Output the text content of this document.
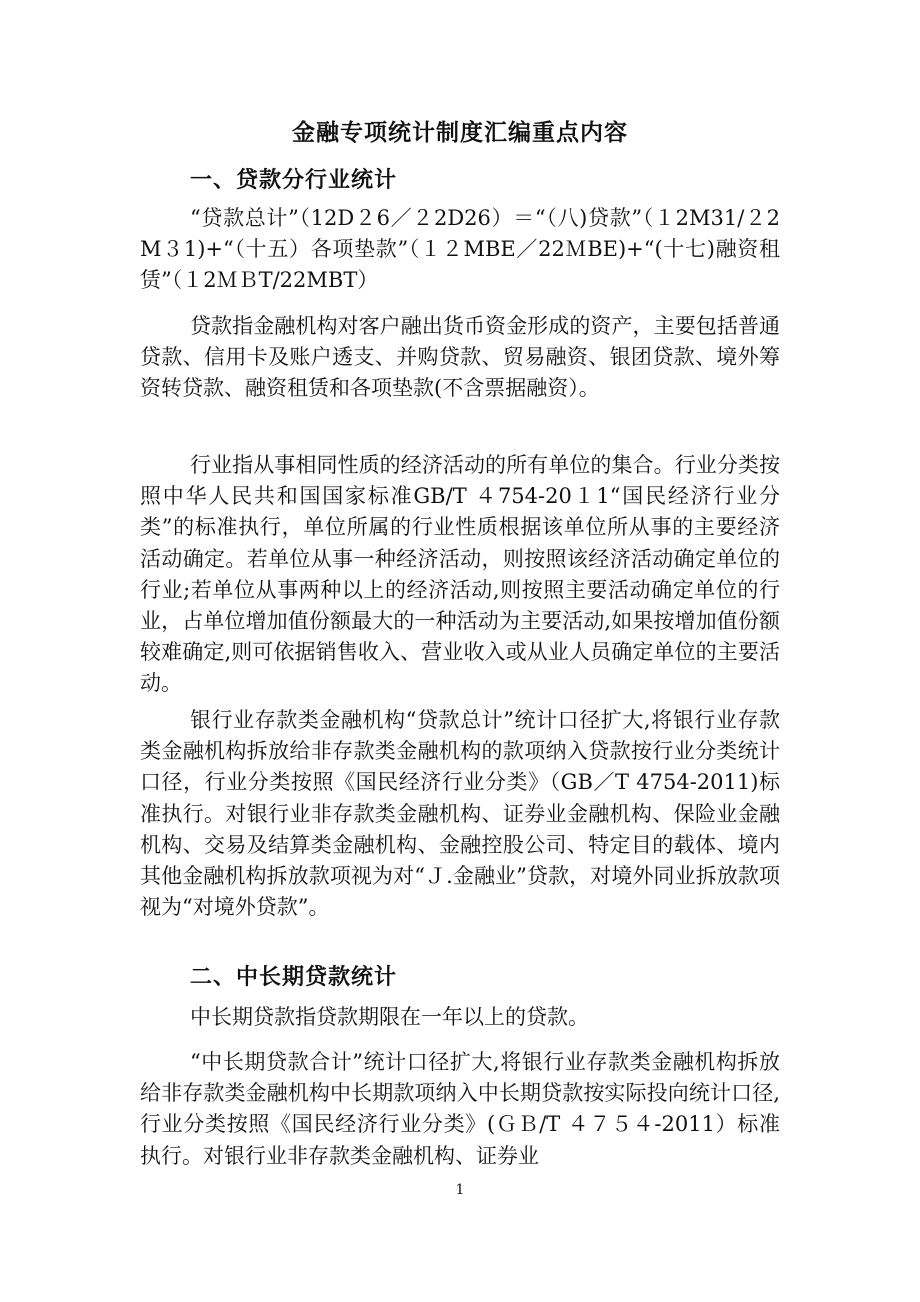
金融专项统计制度汇编重点内容
一、贷款分行业统计

“贷款总计”（12D２6／２2D26）＝“（八)贷款”（１2M31/２2M３1)+“（十五）各项垫款”（１２MBE／22ＭBE)+“(十七)融资租赁”（１2ＭＢT/22MBT）

贷款指金融机构对客户融出货币资金形成的资产，主要包括普通贷款、信用卡及账户透支、并购贷款、贸易融资、银团贷款、境外筹资转贷款、融资租赁和各项垫款(不含票据融资）。

行业指从事相同性质的经济活动的所有单位的集合。行业分类按照中华人民共和国国家标准GB/T ４754-20１1“国民经济行业分类”的标准执行，单位所属的行业性质根据该单位所从事的主要经济活动确定。若单位从事一种经济活动，则按照该经济活动确定单位的行业;若单位从事两种以上的经济活动,则按照主要活动确定单位的行业，占单位增加值份额最大的一种活动为主要活动,如果按增加值份额较难确定,则可依据销售收入、营业收入或从业人员确定单位的主要活动。

银行业存款类金融机构“贷款总计”统计口径扩大,将银行业存款类金融机构拆放给非存款类金融机构的款项纳入贷款按行业分类统计口径，行业分类按照《国民经济行业分类》（GB／T 4754-2011)标准执行。对银行业非存款类金融机构、证券业金融机构、保险业金融机构、交易及结算类金融机构、金融控股公司、特定目的载体、境内其他金融机构拆放款项视为对“Ｊ.金融业”贷款，对境外同业拆放款项视为“对境外贷款”。

二、中长期贷款统计

中长期贷款指贷款期限在一年以上的贷款。

“中长期贷款合计”统计口径扩大,将银行业存款类金融机构拆放给非存款类金融机构中长期款项纳入中长期贷款按实际投向统计口径,行业分类按照《国民经济行业分类》(ＧＢ/T ４７５４-2011）标准执行。对银行业非存款类金融机构、证券业

1
